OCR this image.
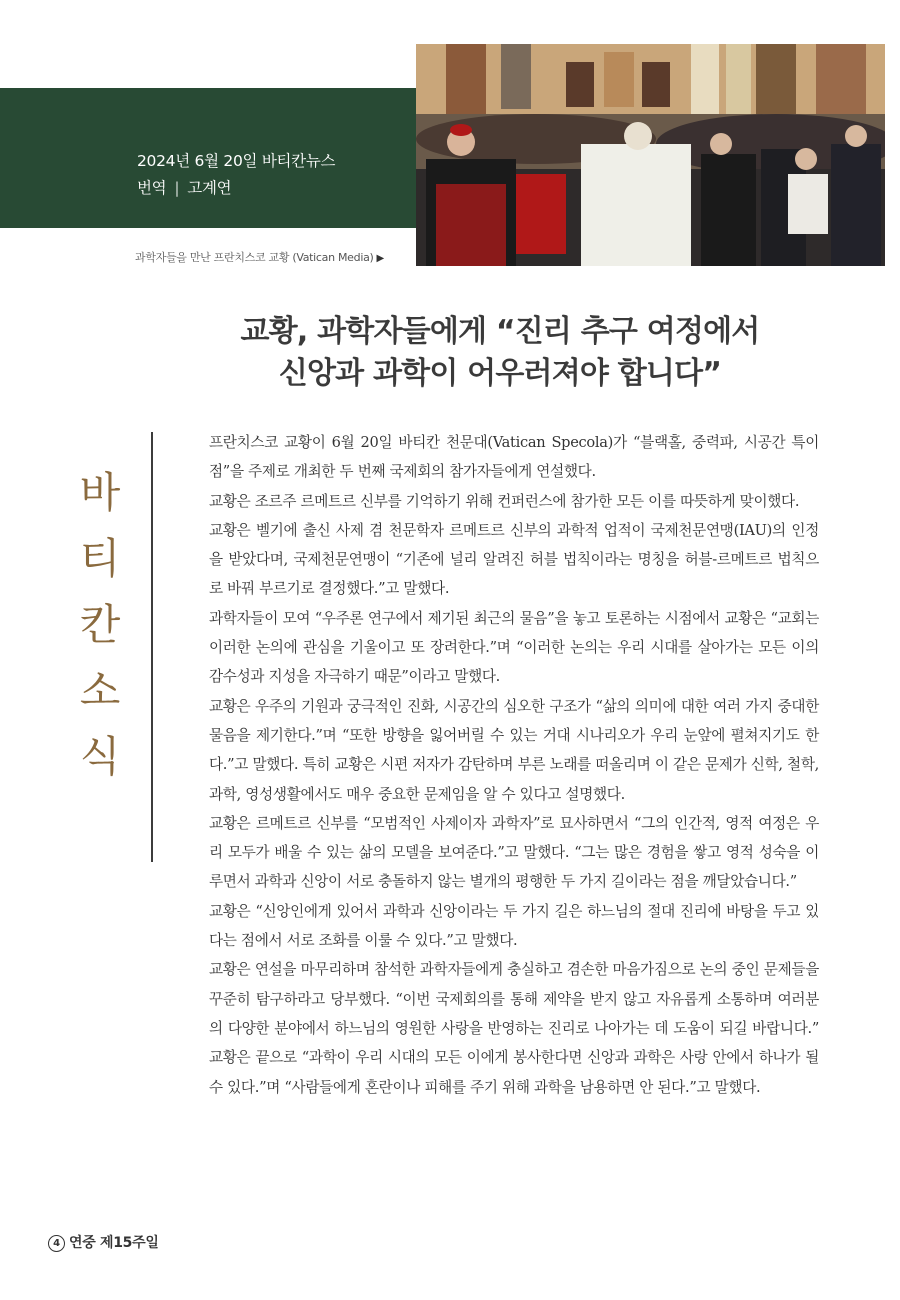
2024년 6월 20일 바티칸뉴스
번역 | 고계연
과학자들을 만난 프란치스코 교황 (Vatican Media) ▶
교황, 과학자들에게 “진리 추구 여정에서
신앙과 과학이 어우러져야 합니다”
바
티
칸
소
식

프란치스코 교황이 6월 20일 바티칸 천문대(Vatican Specola)가 “블랙홀, 중력파, 시공간 특이점”을 주제로 개최한 두 번째 국제회의 참가자들에게 연설했다.

교황은 조르주 르메트르 신부를 기억하기 위해 컨퍼런스에 참가한 모든 이를 따뜻하게 맞이했다.

교황은 벨기에 출신 사제 겸 천문학자 르메트르 신부의 과학적 업적이 국제천문연맹(IAU)의 인정을 받았다며, 국제천문연맹이 “기존에 널리 알려진 허블 법칙이라는 명칭을 허블-르메트르 법칙으로 바꿔 부르기로 결정했다.”고 말했다.

과학자들이 모여 “우주론 연구에서 제기된 최근의 물음”을 놓고 토론하는 시점에서 교황은 “교회는 이러한 논의에 관심을 기울이고 또 장려한다.”며 “이러한 논의는 우리 시대를 살아가는 모든 이의 감수성과 지성을 자극하기 때문”이라고 말했다.

교황은 우주의 기원과 궁극적인 진화, 시공간의 심오한 구조가 “삶의 의미에 대한 여러 가지 중대한 물음을 제기한다.”며 “또한 방향을 잃어버릴 수 있는 거대 시나리오가 우리 눈앞에 펼쳐지기도 한다.”고 말했다. 특히 교황은 시편 저자가 감탄하며 부른 노래를 떠올리며 이 같은 문제가 신학, 철학, 과학, 영성생활에서도 매우 중요한 문제임을 알 수 있다고 설명했다.

교황은 르메트르 신부를 “모범적인 사제이자 과학자”로 묘사하면서 “그의 인간적, 영적 여정은 우리 모두가 배울 수 있는 삶의 모델을 보여준다.”고 말했다. “그는 많은 경험을 쌓고 영적 성숙을 이루면서 과학과 신앙이 서로 충돌하지 않는 별개의 평행한 두 가지 길이라는 점을 깨달았습니다.”

교황은 “신앙인에게 있어서 과학과 신앙이라는 두 가지 길은 하느님의 절대 진리에 바탕을 두고 있다는 점에서 서로 조화를 이룰 수 있다.”고 말했다.

교황은 연설을 마무리하며 참석한 과학자들에게 충실하고 겸손한 마음가짐으로 논의 중인 문제들을 꾸준히 탐구하라고 당부했다. “이번 국제회의를 통해 제약을 받지 않고 자유롭게 소통하며 여러분의 다양한 분야에서 하느님의 영원한 사랑을 반영하는 진리로 나아가는 데 도움이 되길 바랍니다.” 교황은 끝으로 “과학이 우리 시대의 모든 이에게 봉사한다면 신앙과 과학은 사랑 안에서 하나가 될 수 있다.”며 “사람들에게 혼란이나 피해를 주기 위해 과학을 남용하면 안 된다.”고 말했다.

4 연중 제15주일
